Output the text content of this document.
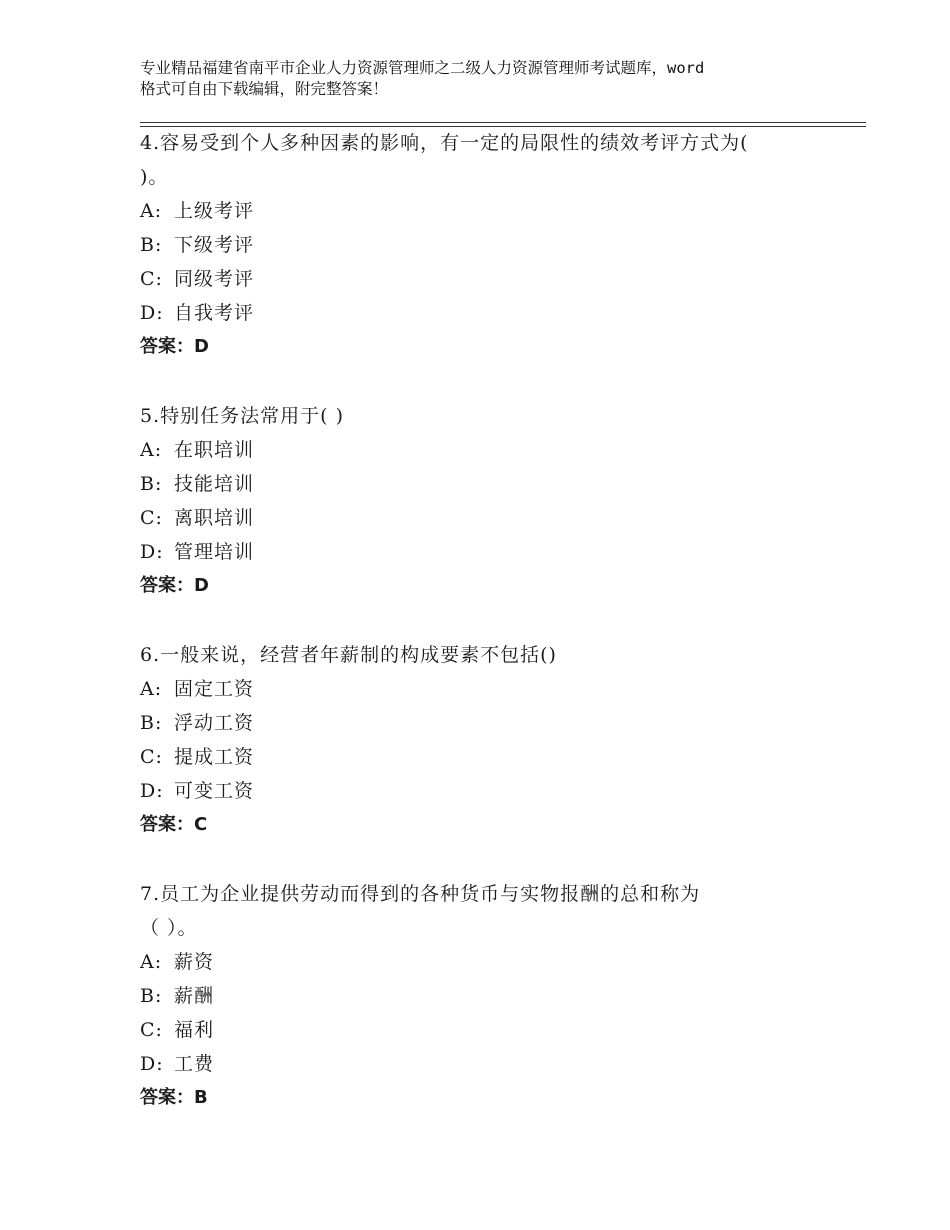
专业精品福建省南平市企业人力资源管理师之二级人力资源管理师考试题库，word
格式可自由下载编辑，附完整答案！

4.容易受到个人多种因素的影响，有一定的局限性的绩效考评方式为(

)。

A: 上级考评

B: 下级考评

C: 同级考评

D: 自我考评

答案：D

5.特别任务法常用于( )

A: 在职培训

B: 技能培训

C: 离职培训

D: 管理培训

答案：D

6.一般来说，经营者年薪制的构成要素不包括()

A: 固定工资

B: 浮动工资

C: 提成工资

D: 可变工资

答案：C

7.员工为企业提供劳动而得到的各种货币与实物报酬的总和称为

（ ）。

A: 薪资

B: 薪酬

C: 福利

D: 工费

答案：B
